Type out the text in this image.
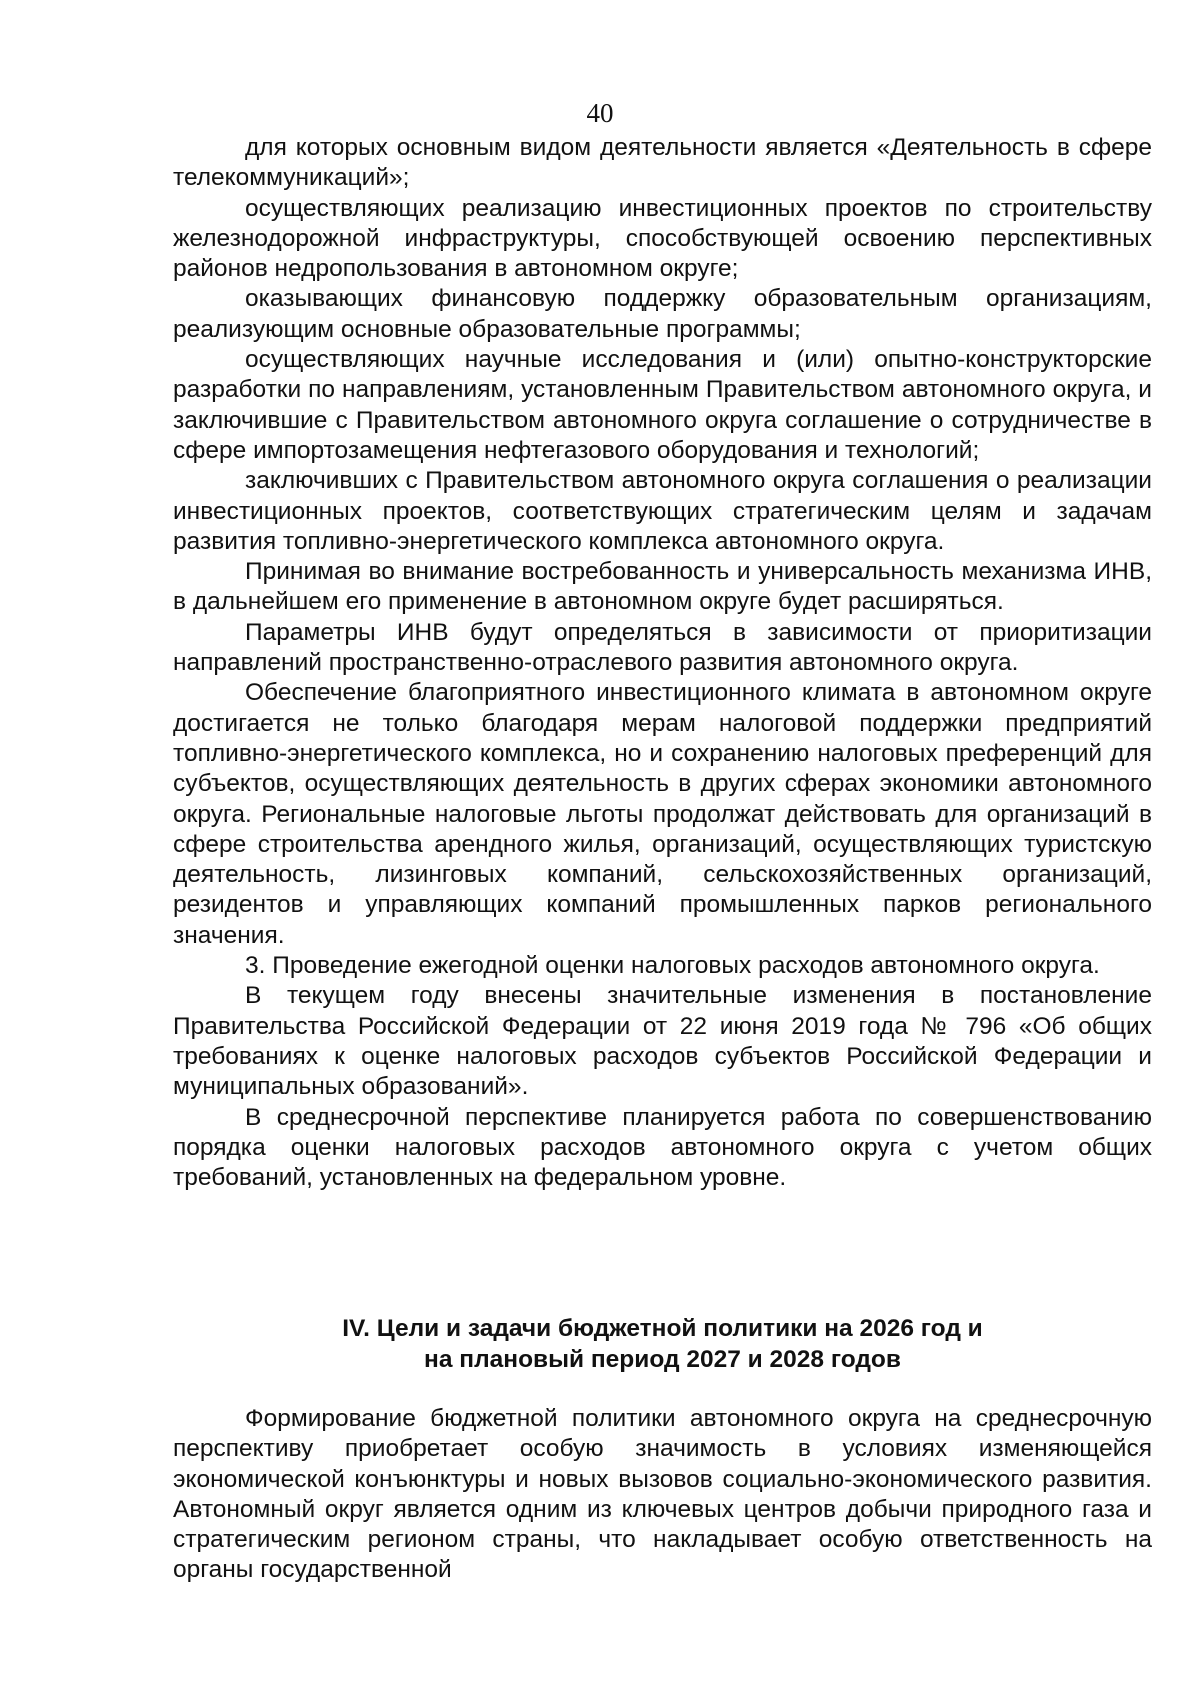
40

для которых основным видом деятельности является «Деятельность в сфере телекоммуникаций»;

осуществляющих реализацию инвестиционных проектов по строительству железнодорожной инфраструктуры, способствующей освоению перспективных районов недропользования в автономном округе;

оказывающих финансовую поддержку образовательным организациям, реализующим основные образовательные программы;

осуществляющих научные исследования и (или) опытно-конструкторские разработки по направлениям, установленным Правительством автономного округа, и заключившие с Правительством автономного округа соглашение о сотрудничестве в сфере импортозамещения нефтегазового оборудования и технологий;

заключивших с Правительством автономного округа соглашения о реализации инвестиционных проектов, соответствующих стратегическим целям и задачам развития топливно-энергетического комплекса автономного округа.

Принимая во внимание востребованность и универсальность механизма ИНВ, в дальнейшем его применение в автономном округе будет расширяться.

Параметры ИНВ будут определяться в зависимости от приоритизации направлений пространственно-отраслевого развития автономного округа.

Обеспечение благоприятного инвестиционного климата в автономном округе достигается не только благодаря мерам налоговой поддержки предприятий топливно-энергетического комплекса, но и сохранению налоговых преференций для субъектов, осуществляющих деятельность в других сферах экономики автономного округа. Региональные налоговые льготы продолжат действовать для организаций в сфере строительства арендного жилья, организаций, осуществляющих туристскую деятельность, лизинговых компаний, сельскохозяйственных организаций, резидентов и управляющих компаний промышленных парков регионального значения.

3. Проведение ежегодной оценки налоговых расходов автономного округа.

В текущем году внесены значительные изменения в постановление Правительства Российской Федерации от 22 июня 2019 года № 796 «Об общих требованиях к оценке налоговых расходов субъектов Российской Федерации и муниципальных образований».

В среднесрочной перспективе планируется работа по совершенствованию порядка оценки налоговых расходов автономного округа с учетом общих требований, установленных на федеральном уровне.

IV. Цели и задачи бюджетной политики на 2026 год и
на плановый период 2027 и 2028 годов

Формирование бюджетной политики автономного округа на среднесрочную перспективу приобретает особую значимость в условиях изменяющейся экономической конъюнктуры и новых вызовов социально-экономического развития. Автономный округ является одним из ключевых центров добычи природного газа и стратегическим регионом страны, что накладывает особую ответственность на органы государственной
